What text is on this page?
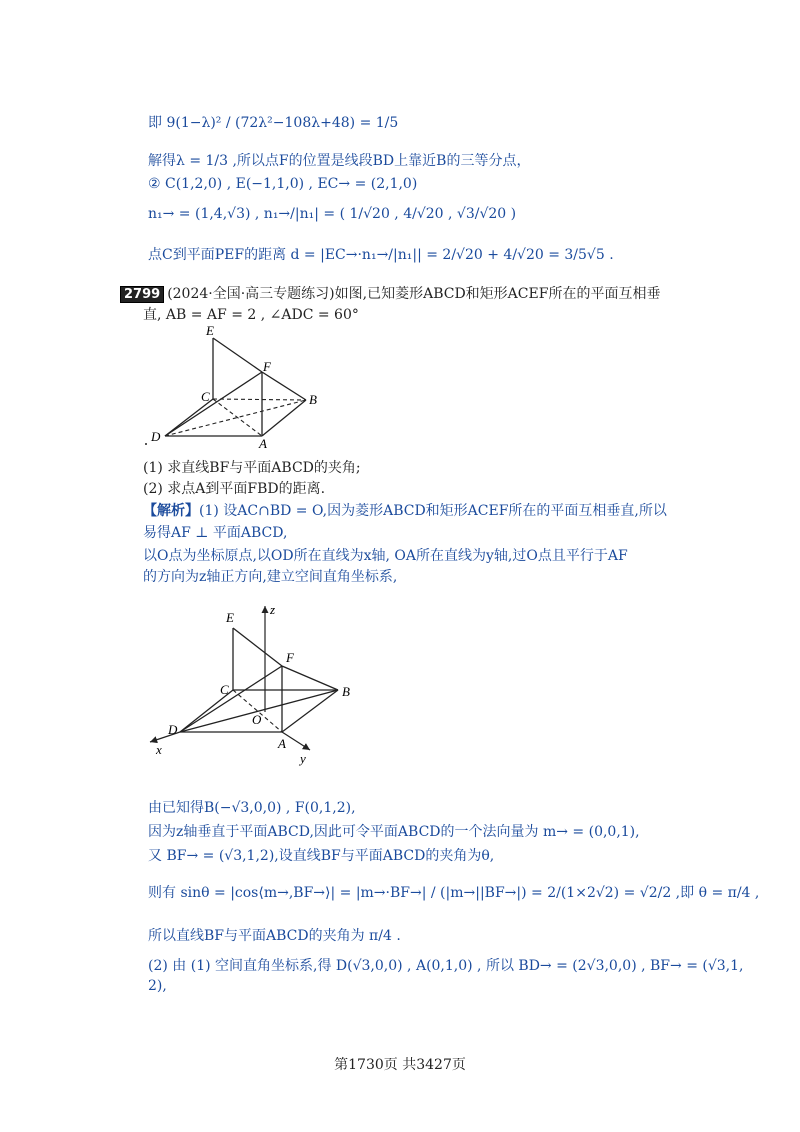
即 9(1−λ)² / (72λ²−108λ+48) = 1/5
解得λ = 1/3 ,所以点F的位置是线段BD上靠近B的三等分点，
② C(1,2,0) , E(−1,1,0) , EC→ = (2,1,0)
n₁→ = (1,4,√3) , n₁→/|n₁| = ( 1/√20 , 4/√20 , √3/√20 )
点C到平面PEF的距离 d = |EC→·n₁→/|n₁|| = 2/√20 + 4/√20 = 3/5√5 .
2799 (2024·全国·高三专题练习)如图,已知菱形ABCD和矩形ACEF所在的平面互相垂
直, AB = AF = 2 , ∠ADC = 60°
E
F
C	B
D	A
(1) 求直线BF与平面ABCD的夹角;
(2) 求点A到平面FBD的距离.
【解析】(1) 设AC∩BD = O,因为菱形ABCD和矩形ACEF所在的平面互相垂直,所以
易得AF ⊥ 平面ABCD,
以O点为坐标原点,以OD所在直线为x轴, OA所在直线为y轴,过O点且平行于AF
的方向为z轴正方向,建立空间直角坐标系,
E
z
F
C	B
O
D
A
x
y
由已知得B(−√3,0,0) , F(0,1,2),
因为z轴垂直于平面ABCD,因此可令平面ABCD的一个法向量为 m→ = (0,0,1),
又 BF→ = (√3,1,2),设直线BF与平面ABCD的夹角为θ,
则有 sinθ = |cos⟨m→,BF→⟩| = |m→·BF→| / (|m→||BF→|) = 2/(1×2√2) = √2/2 ,即 θ = π/4 ,
所以直线BF与平面ABCD的夹角为 π/4 .
(2) 由 (1) 空间直角坐标系,得 D(√3,0,0) , A(0,1,0) , 所以 BD→ = (2√3,0,0) , BF→ = (√3,1,
2),
第1730页 共3427页
